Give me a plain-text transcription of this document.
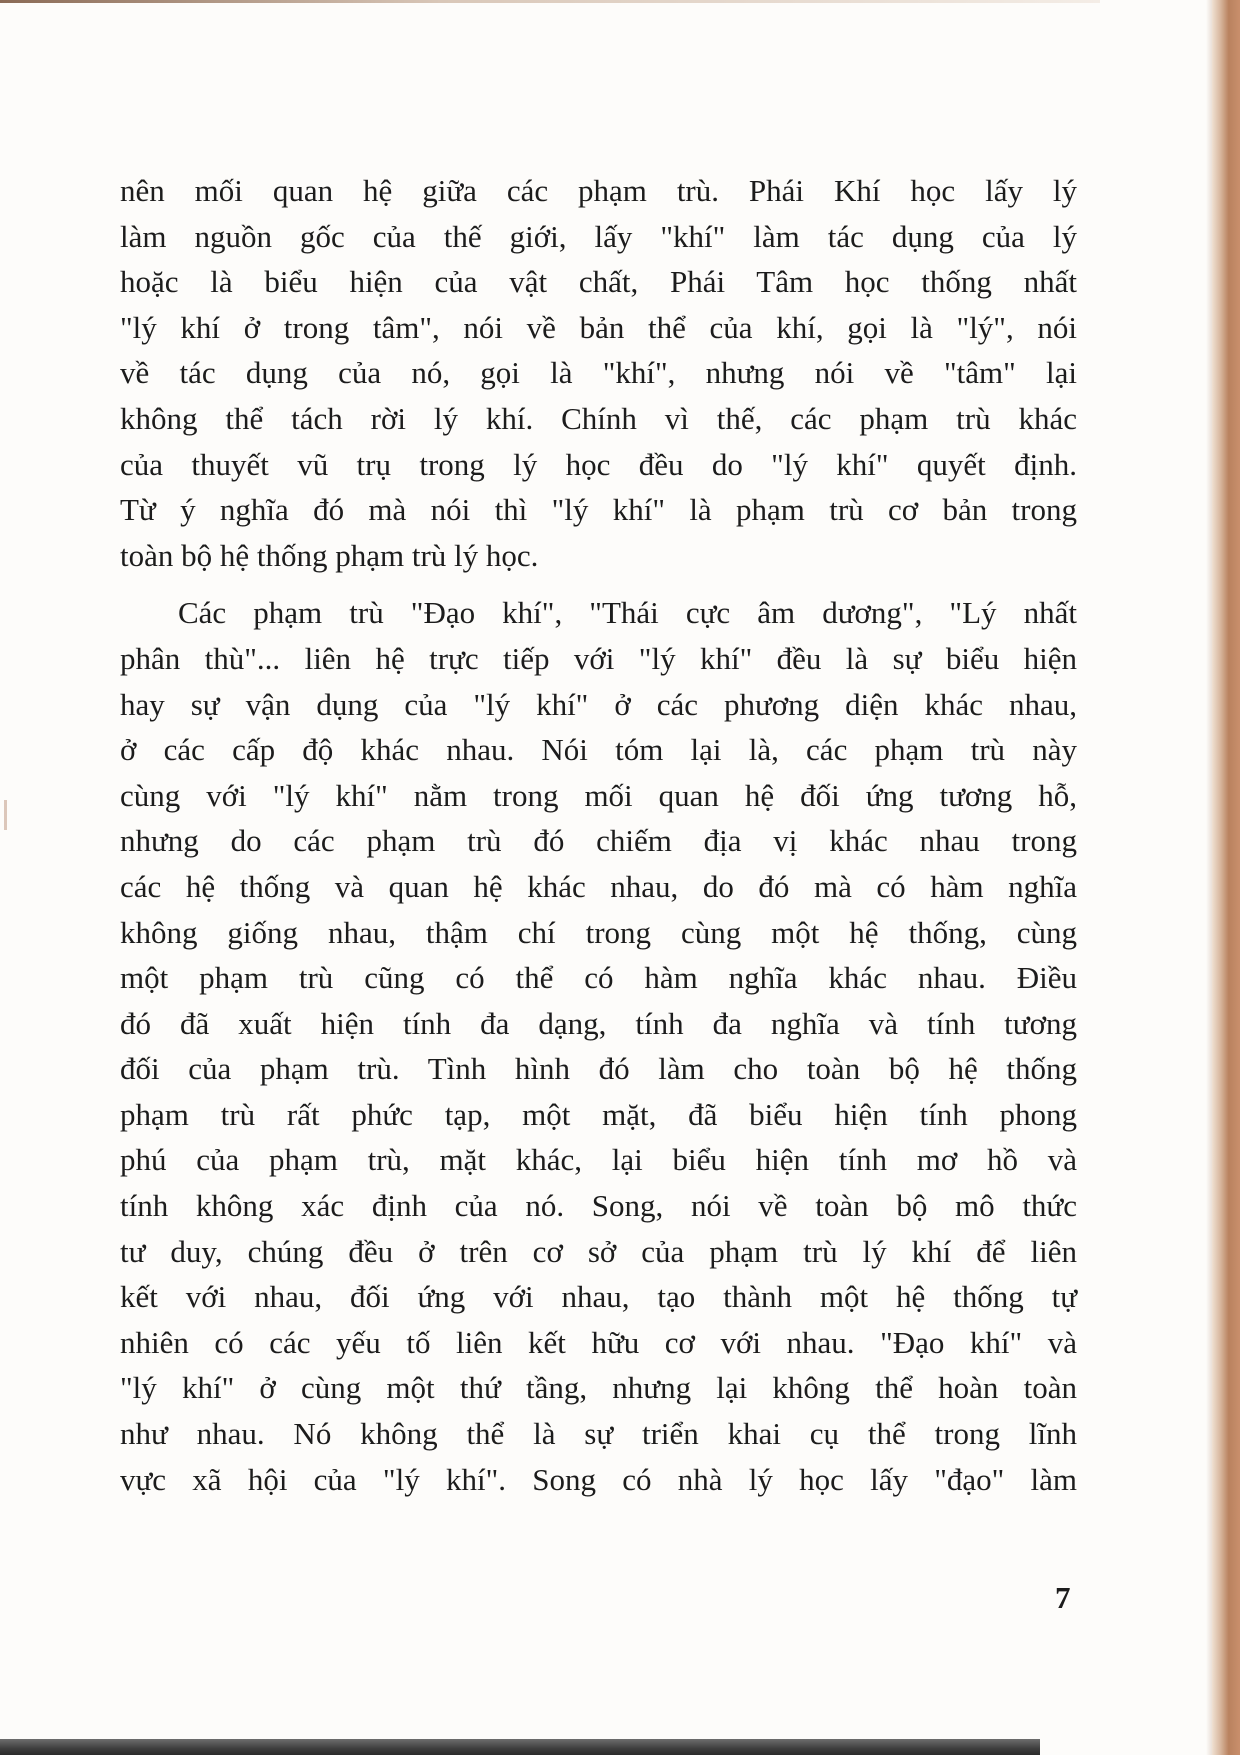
nên mối quan hệ giữa các phạm trù. Phái Khí học lấy lý

làm nguồn gốc của thế giới, lấy "khí" làm tác dụng của lý

hoặc là biểu hiện của vật chất, Phái Tâm học thống nhất

"lý khí ở trong tâm", nói về bản thể của khí, gọi là "lý", nói

về tác dụng của nó, gọi là "khí", nhưng nói về "tâm" lại

không thể tách rời lý khí. Chính vì thế, các phạm trù khác

của thuyết vũ trụ trong lý học đều do "lý khí" quyết định.

Từ ý nghĩa đó mà nói thì "lý khí" là phạm trù cơ bản trong

toàn bộ hệ thống phạm trù lý học.

Các phạm trù "Đạo khí", "Thái cực âm dương", "Lý nhất

phân thù"... liên hệ trực tiếp với "lý khí" đều là sự biểu hiện

hay sự vận dụng của "lý khí" ở các phương diện khác nhau,

ở các cấp độ khác nhau. Nói tóm lại là, các phạm trù này

cùng với "lý khí" nằm trong mối quan hệ đối ứng tương hỗ,

nhưng do các phạm trù đó chiếm địa vị khác nhau trong

các hệ thống và quan hệ khác nhau, do đó mà có hàm nghĩa

không giống nhau, thậm chí trong cùng một hệ thống, cùng

một phạm trù cũng có thể có hàm nghĩa khác nhau. Điều

đó đã xuất hiện tính đa dạng, tính đa nghĩa và tính tương

đối của phạm trù. Tình hình đó làm cho toàn bộ hệ thống

phạm trù rất phức tạp, một mặt, đã biểu hiện tính phong

phú của phạm trù, mặt khác, lại biểu hiện tính mơ hồ và

tính không xác định của nó. Song, nói về toàn bộ mô thức

tư duy, chúng đều ở trên cơ sở của phạm trù lý khí để liên

kết với nhau, đối ứng với nhau, tạo thành một hệ thống tự

nhiên có các yếu tố liên kết hữu cơ với nhau. "Đạo khí" và

"lý khí" ở cùng một thứ tầng, nhưng lại không thể hoàn toàn

như nhau. Nó không thể là sự triển khai cụ thể trong lĩnh

vực xã hội của "lý khí". Song có nhà lý học lấy "đạo" làm

7
